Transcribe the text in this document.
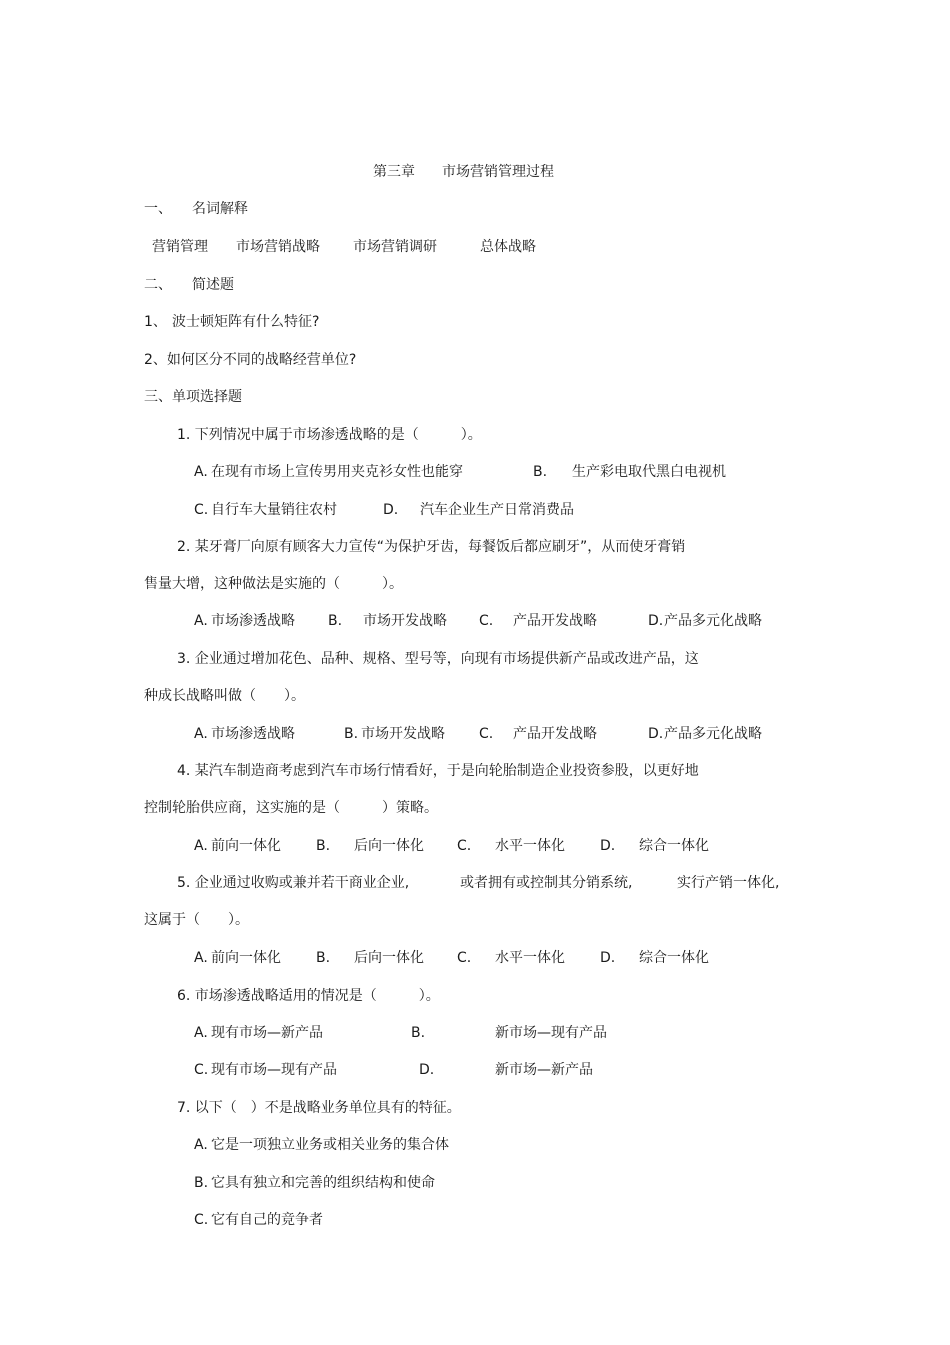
第三章 市场营销管理过程
一、 名词解释
营销管理 市场营销战略 市场营销调研	总体战略
二、 简述题
1、 波士顿矩阵有什么特征?
2、如何区分不同的战略经营单位?
三、单项选择题
1. 下列情况中属于市场渗透战略的是（　　　）。
A. 在现有市场上宣传男用夹克衫女性也能穿	B. 生产彩电取代黑白电视机
C. 自行车大量销往农村	D. 汽车企业生产日常消费品
2. 某牙膏厂向原有顾客大力宣传“为保护牙齿，每餐饭后都应刷牙”，从而使牙膏销
售量大增，这种做法是实施的（　　　）。
A. 市场渗透战略 B. 市场开发战略 C. 产品开发战略	D. 产品多元化战略
3. 企业通过增加花色、品种、规格、型号等，向现有市场提供新产品或改进产品，这
种成长战略叫做（　　）。
A. 市场渗透战略	B. 市场开发战略 C. 产品开发战略	D. 产品多元化战略
4. 某汽车制造商考虑到汽车市场行情看好，于是向轮胎制造企业投资参股，以更好地
控制轮胎供应商，这实施的是（　　　）策略。
A. 前向一体化	B. 后向一体化 C. 水平一体化	D. 综合一体化
5. 企业通过收购或兼并若干商业企业,	或者拥有或控制其分销系统,	实行产销一体化,
这属于（　　）。
A. 前向一体化	B. 后向一体化 C. 水平一体化	D. 综合一体化
6. 市场渗透战略适用的情况是（　　　）。
A. 现有市场—新产品	B.	新市场—现有产品
C. 现有市场—现有产品	D.	新市场—新产品
7. 以下（　）不是战略业务单位具有的特征。
A. 它是一项独立业务或相关业务的集合体
B. 它具有独立和完善的组织结构和使命
C. 它有自己的竞争者
